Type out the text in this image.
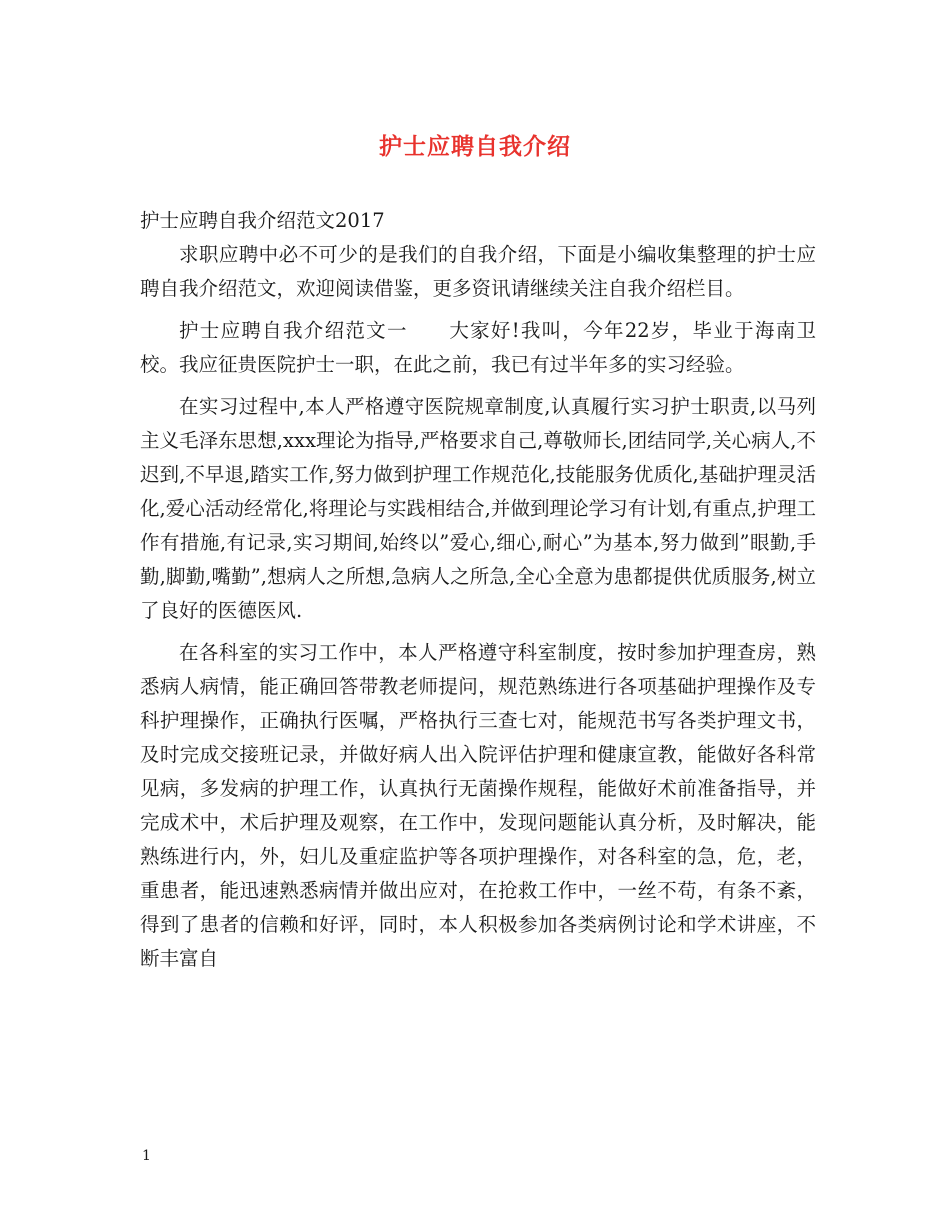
护士应聘自我介绍

护士应聘自我介绍范文2017

求职应聘中必不可少的是我们的自我介绍，下面是小编收集整理的护士应聘自我介绍范文，欢迎阅读借鉴，更多资讯请继续关注自我介绍栏目。

护士应聘自我介绍范文一　　大家好!我叫，今年22岁，毕业于海南卫校。我应征贵医院护士一职，在此之前，我已有过半年多的实习经验。

在实习过程中,本人严格遵守医院规章制度,认真履行实习护士职责,以马列主义毛泽东思想,xxx理论为指导,严格要求自己,尊敬师长,团结同学,关心病人,不迟到,不早退,踏实工作,努力做到护理工作规范化,技能服务优质化,基础护理灵活化,爱心活动经常化,将理论与实践相结合,并做到理论学习有计划,有重点,护理工作有措施,有记录,实习期间,始终以”爱心,细心,耐心”为基本,努力做到”眼勤,手勤,脚勤,嘴勤”,想病人之所想,急病人之所急,全心全意为患都提供优质服务,树立了良好的医德医风.

在各科室的实习工作中，本人严格遵守科室制度，按时参加护理查房，熟悉病人病情，能正确回答带教老师提问，规范熟练进行各项基础护理操作及专科护理操作，正确执行医嘱，严格执行三查七对，能规范书写各类护理文书，及时完成交接班记录，并做好病人出入院评估护理和健康宣教，能做好各科常见病，多发病的护理工作，认真执行无菌操作规程，能做好术前准备指导，并完成术中，术后护理及观察，在工作中，发现问题能认真分析，及时解决，能熟练进行内，外，妇儿及重症监护等各项护理操作，对各科室的急，危，老，重患者，能迅速熟悉病情并做出应对，在抢救工作中，一丝不苟，有条不紊，得到了患者的信赖和好评，同时，本人积极参加各类病例讨论和学术讲座，不断丰富自

1
